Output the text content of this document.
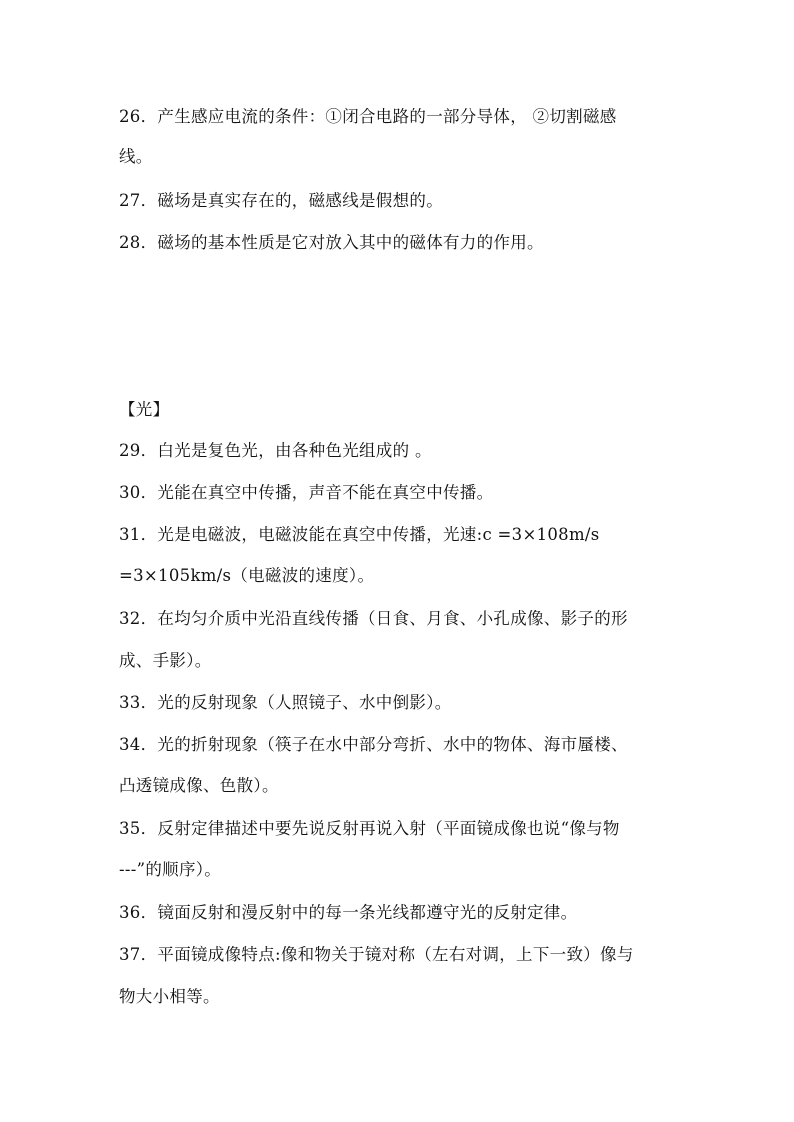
26．产生感应电流的条件：①闭合电路的一部分导体， ②切割磁感
线。
27．磁场是真实存在的，磁感线是假想的。
28．磁场的基本性质是它对放入其中的磁体有力的作用。
【光】
29．白光是复色光，由各种色光组成的 。
30．光能在真空中传播，声音不能在真空中传播。
31．光是电磁波，电磁波能在真空中传播，光速:c =3×108m/s
=3×105km/s（电磁波的速度）。
32．在均匀介质中光沿直线传播（日食、月食、小孔成像、影子的形
成、手影）。
33．光的反射现象（人照镜子、水中倒影）。
34．光的折射现象（筷子在水中部分弯折、水中的物体、海市蜃楼、
凸透镜成像、色散）。
35．反射定律描述中要先说反射再说入射（平面镜成像也说“像与物
---”的顺序）。
36．镜面反射和漫反射中的每一条光线都遵守光的反射定律。
37．平面镜成像特点:像和物关于镜对称（左右对调，上下一致）像与
物大小相等。
